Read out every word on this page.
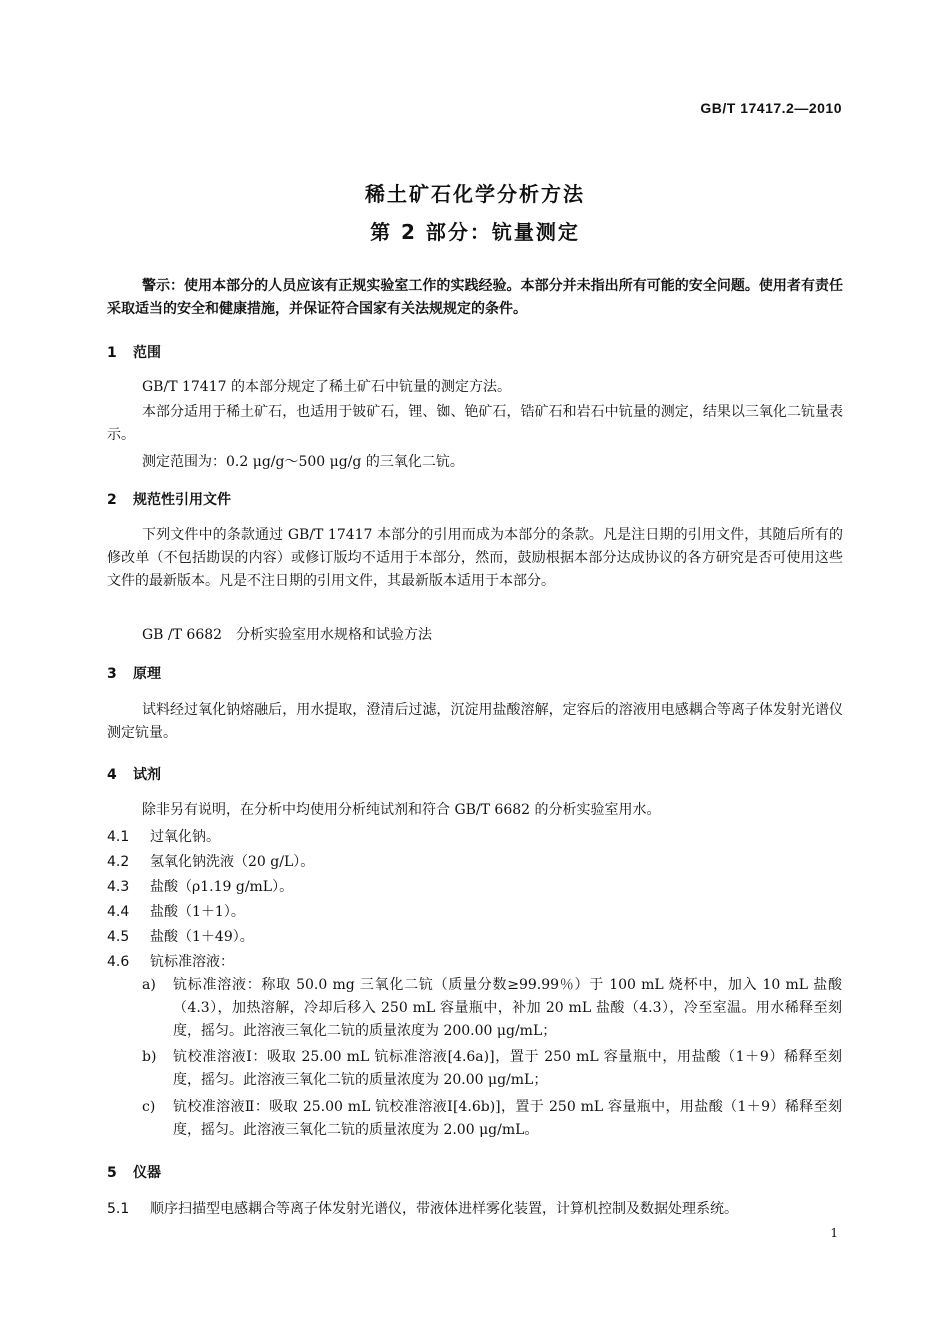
GB/T 17417.2—2010
稀土矿石化学分析方法
第 2 部分：钪量测定
警示：使用本部分的人员应该有正规实验室工作的实践经验。本部分并未指出所有可能的安全问题。使用者有责任采取适当的安全和健康措施，并保证符合国家有关法规规定的条件。
1 范围
GB/T 17417 的本部分规定了稀土矿石中钪量的测定方法。
本部分适用于稀土矿石，也适用于铍矿石，锂、铷、铯矿石，锆矿石和岩石中钪量的测定，结果以三氧化二钪量表示。
测定范围为：0.2 μg/g～500 μg/g 的三氧化二钪。
2 规范性引用文件
下列文件中的条款通过 GB/T 17417 本部分的引用而成为本部分的条款。凡是注日期的引用文件，其随后所有的修改单（不包括勘误的内容）或修订版均不适用于本部分，然而，鼓励根据本部分达成协议的各方研究是否可使用这些文件的最新版本。凡是不注日期的引用文件，其最新版本适用于本部分。
GB /T 6682　分析实验室用水规格和试验方法
3 原理
试料经过氧化钠熔融后，用水提取，澄清后过滤，沉淀用盐酸溶解，定容后的溶液用电感耦合等离子体发射光谱仪测定钪量。
4 试剂
除非另有说明，在分析中均使用分析纯试剂和符合 GB/T 6682 的分析实验室用水。
4.1 过氧化钠。
4.2 氢氧化钠洗液（20 g/L）。
4.3 盐酸（ρ1.19 g/mL）。
4.4 盐酸（1＋1）。
4.5 盐酸（1＋49）。
4.6 钪标准溶液：
a) 钪标准溶液：称取 50.0 mg 三氧化二钪（质量分数≥99.99％）于 100 mL 烧杯中，加入 10 mL 盐酸（4.3），加热溶解，冷却后移入 250 mL 容量瓶中，补加 20 mL 盐酸（4.3），冷至室温。用水稀释至刻度，摇匀。此溶液三氧化二钪的质量浓度为 200.00 μg/mL；
b) 钪校准溶液Ⅰ：吸取 25.00 mL 钪标准溶液[4.6a)]，置于 250 mL 容量瓶中，用盐酸（1＋9）稀释至刻度，摇匀。此溶液三氧化二钪的质量浓度为 20.00 μg/mL；
c) 钪校准溶液Ⅱ：吸取 25.00 mL 钪校准溶液Ⅰ[4.6b)]，置于 250 mL 容量瓶中，用盐酸（1＋9）稀释至刻度，摇匀。此溶液三氧化二钪的质量浓度为 2.00 μg/mL。
5 仪器
5.1 顺序扫描型电感耦合等离子体发射光谱仪，带液体进样雾化装置，计算机控制及数据处理系统。
1
